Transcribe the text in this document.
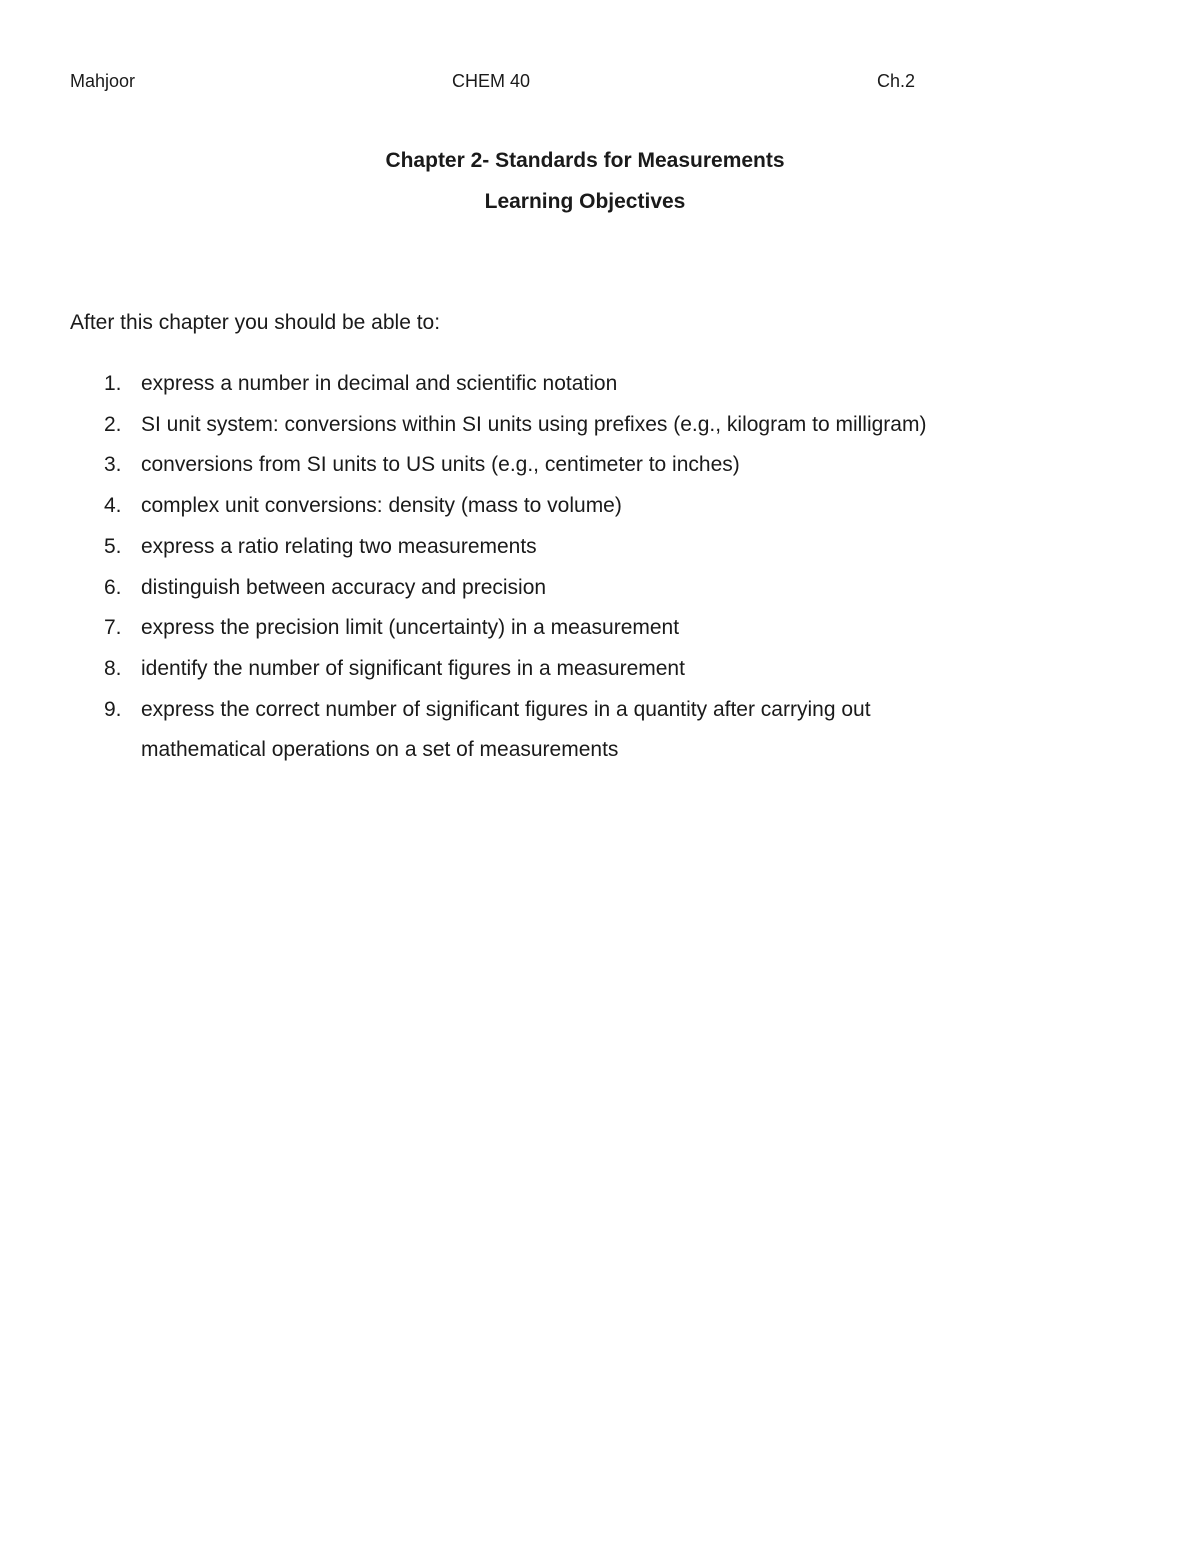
Mahjoor	CHEM 40	Ch.2
Chapter 2- Standards for Measurements
Learning Objectives
After this chapter you should be able to:
1. express a number in decimal and scientific notation
2. SI unit system: conversions within SI units using prefixes (e.g., kilogram to milligram)
3. conversions from SI units to US units (e.g., centimeter to inches)
4. complex unit conversions: density (mass to volume)
5. express a ratio relating two measurements
6. distinguish between accuracy and precision
7. express the precision limit (uncertainty) in a measurement
8. identify the number of significant figures in a measurement
9. express the correct number of significant figures in a quantity after carrying out mathematical operations on a set of measurements
